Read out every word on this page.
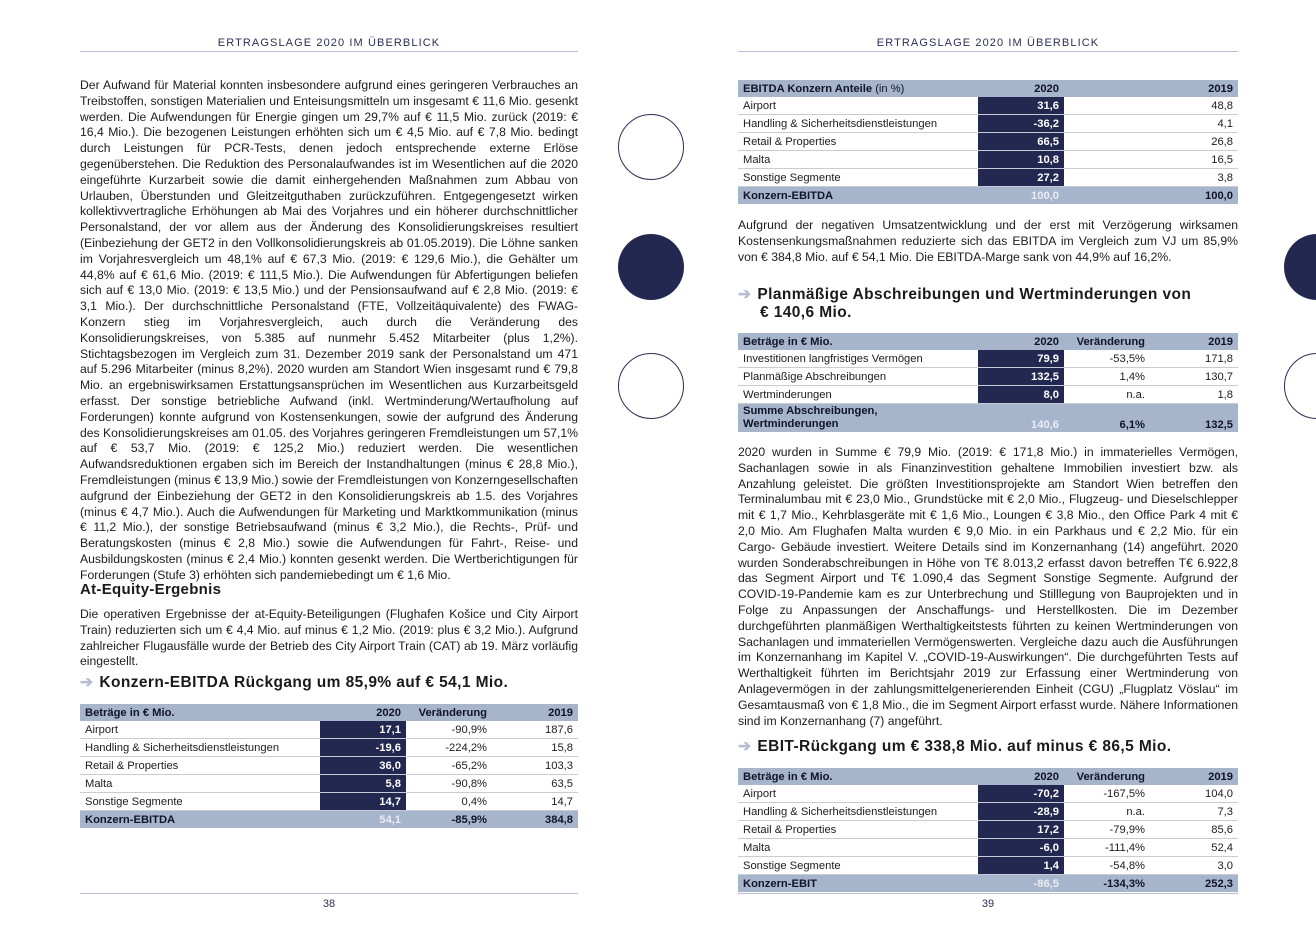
ERTRAGSLAGE 2020 IM ÜBERBLICK
Der Aufwand für Material konnten insbesondere aufgrund eines geringeren Verbrauches an Treibstoffen, sonstigen Materialien und Enteisungsmitteln um insgesamt € 11,6 Mio. gesenkt werden. Die Aufwendungen für Energie gingen um 29,7% auf € 11,5 Mio. zurück (2019: € 16,4 Mio.). Die bezogenen Leistungen erhöhten sich um € 4,5 Mio. auf € 7,8 Mio. bedingt durch Leistungen für PCR-Tests, denen jedoch entsprechende externe Erlöse gegenüberstehen. Die Reduktion des Personalaufwandes ist im Wesentlichen auf die 2020 eingeführte Kurzarbeit sowie die damit einhergehenden Maßnahmen zum Abbau von Urlauben, Überstunden und Gleitzeitguthaben zurückzuführen. Entgegengesetzt wirken kollektivvertragliche Erhöhungen ab Mai des Vorjahres und ein höherer durchschnittlicher Personalstand, der vor allem aus der Änderung des Konsolidierungskreises resultiert (Einbeziehung der GET2 in den Vollkonsolidierungskreis ab 01.05.2019). Die Löhne sanken im Vorjahresvergleich um 48,1% auf € 67,3 Mio. (2019: € 129,6 Mio.), die Gehälter um 44,8% auf € 61,6 Mio. (2019: € 111,5 Mio.). Die Aufwendungen für Abfertigungen beliefen sich auf € 13,0 Mio. (2019: € 13,5 Mio.) und der Pensionsaufwand auf € 2,8 Mio. (2019: € 3,1 Mio.). Der durchschnittliche Personalstand (FTE, Vollzeitäquivalente) des FWAG- Konzern stieg im Vorjahresvergleich, auch durch die Veränderung des Konsolidierungskreises, von 5.385 auf nunmehr 5.452 Mitarbeiter (plus 1,2%). Stichtagsbezogen im Vergleich zum 31. Dezember 2019 sank der Personalstand um 471 auf 5.296 Mitarbeiter (minus 8,2%). 2020 wurden am Standort Wien insgesamt rund € 79,8 Mio. an ergebniswirksamen Erstattungsansprüchen im Wesentlichen aus Kurzarbeitsgeld erfasst. Der sonstige betriebliche Aufwand (inkl. Wertminderung/Wertaufholung auf Forderungen) konnte aufgrund von Kostensenkungen, sowie der aufgrund des Änderung des Konsolidierungskreises am 01.05. des Vorjahres geringeren Fremdleistungen um 57,1% auf € 53,7 Mio. (2019: € 125,2 Mio.) reduziert werden. Die wesentlichen Aufwandsreduktionen ergaben sich im Bereich der Instandhaltungen (minus € 28,8 Mio.), Fremdleistungen (minus € 13,9 Mio.) sowie der Fremdleistungen von Konzerngesellschaften aufgrund der Einbeziehung der GET2 in den Konsolidierungskreis ab 1.5. des Vorjahres (minus € 4,7 Mio.). Auch die Aufwendungen für Marketing und Marktkommunikation (minus € 11,2 Mio.), der sonstige Betriebsaufwand (minus € 3,2 Mio.), die Rechts-, Prüf- und Beratungskosten (minus € 2,8 Mio.) sowie die Aufwendungen für Fahrt-, Reise- und Ausbildungskosten (minus € 2,4 Mio.) konnten gesenkt werden. Die Wertberichtigungen für Forderungen (Stufe 3) erhöhten sich pandemiebedingt um € 1,6 Mio.
At-Equity-Ergebnis
Die operativen Ergebnisse der at-Equity-Beteiligungen (Flughafen Košice und City Airport Train) reduzierten sich um € 4,4 Mio. auf minus € 1,2 Mio. (2019: plus € 3,2 Mio.). Aufgrund zahlreicher Flugausfälle wurde der Betrieb des City Airport Train (CAT) ab 19. März vorläufig eingestellt.
➔ Konzern-EBITDA Rückgang um 85,9% auf € 54,1 Mio.
Beträge in € Mio.	2020	Veränderung	2019
Airport	17,1	-90,9%	187,6
Handling & Sicherheitsdienstleistungen	-19,6	-224,2%	15,8
Retail & Properties	36,0	-65,2%	103,3
Malta	5,8	-90,8%	63,5
Sonstige Segmente	14,7	0,4%	14,7
Konzern-EBITDA	54,1	-85,9%	384,8
38
ERTRAGSLAGE 2020 IM ÜBERBLICK
EBITDA Konzern Anteile (in %)	2020	2019
Airport	31,6	48,8
Handling & Sicherheitsdienstleistungen	-36,2	4,1
Retail & Properties	66,5	26,8
Malta	10,8	16,5
Sonstige Segmente	27,2	3,8
Konzern-EBITDA	100,0	100,0
Aufgrund der negativen Umsatzentwicklung und der erst mit Verzögerung wirksamen Kostensenkungsmaßnahmen reduzierte sich das EBITDA im Vergleich zum VJ um 85,9% von € 384,8 Mio. auf € 54,1 Mio. Die EBITDA-Marge sank von 44,9% auf 16,2%.
➔ Planmäßige Abschreibungen und Wertminderungen von
€ 140,6 Mio.
Beträge in € Mio.	2020	Veränderung	2019
Investitionen langfristiges Vermögen	79,9	-53,5%	171,8
Planmäßige Abschreibungen	132,5	1,4%	130,7
Wertminderungen	8,0	n.a.	1,8

Summe Abschreibungen,
Wertminderungen	140,6	6,1%	132,5
2020 wurden in Summe € 79,9 Mio. (2019: € 171,8 Mio.) in immaterielles Vermögen, Sachanlagen sowie in als Finanzinvestition gehaltene Immobilien investiert bzw. als Anzahlung geleistet. Die größten Investitionsprojekte am Standort Wien betreffen den Terminalumbau mit € 23,0 Mio., Grundstücke mit € 2,0 Mio., Flugzeug- und Dieselschlepper mit € 1,7 Mio., Kehrblasgeräte mit € 1,6 Mio., Loungen € 3,8 Mio., den Office Park 4 mit € 2,0 Mio. Am Flughafen Malta wurden € 9,0 Mio. in ein Parkhaus und € 2,2 Mio. für ein Cargo- Gebäude investiert. Weitere Details sind im Konzernanhang (14) angeführt. 2020 wurden Sonderabschreibungen in Höhe von T€ 8.013,2 erfasst davon betreffen T€ 6.922,8 das Segment Airport und T€ 1.090,4 das Segment Sonstige Segmente. Aufgrund der COVID-19-Pandemie kam es zur Unterbrechung und Stilllegung von Bauprojekten und in Folge zu Anpassungen der Anschaffungs- und Herstellkosten. Die im Dezember durchgeführten planmäßigen Werthaltigkeitstests führten zu keinen Wertminderungen von Sachanlagen und immateriellen Vermögenswerten. Vergleiche dazu auch die Ausführungen im Konzernanhang im Kapitel V. „COVID-19-Auswirkungen“. Die durchgeführten Tests auf Werthaltigkeit führten im Berichtsjahr 2019 zur Erfassung einer Wertminderung von Anlagevermögen in der zahlungsmittelgenerierenden Einheit (CGU) „Flugplatz Vöslau“ im Gesamtausmaß von € 1,8 Mio., die im Segment Airport erfasst wurde. Nähere Informationen sind im Konzernanhang (7) angeführt.
➔ EBIT-Rückgang um € 338,8 Mio. auf minus € 86,5 Mio.
Beträge in € Mio.	2020	Veränderung	2019
Airport	-70,2	-167,5%	104,0
Handling & Sicherheitsdienstleistungen	-28,9	n.a.	7,3
Retail & Properties	17,2	-79,9%	85,6
Malta	-6,0	-111,4%	52,4
Sonstige Segmente	1,4	-54,8%	3,0
Konzern-EBIT	-86,5	-134,3%	252,3
39
